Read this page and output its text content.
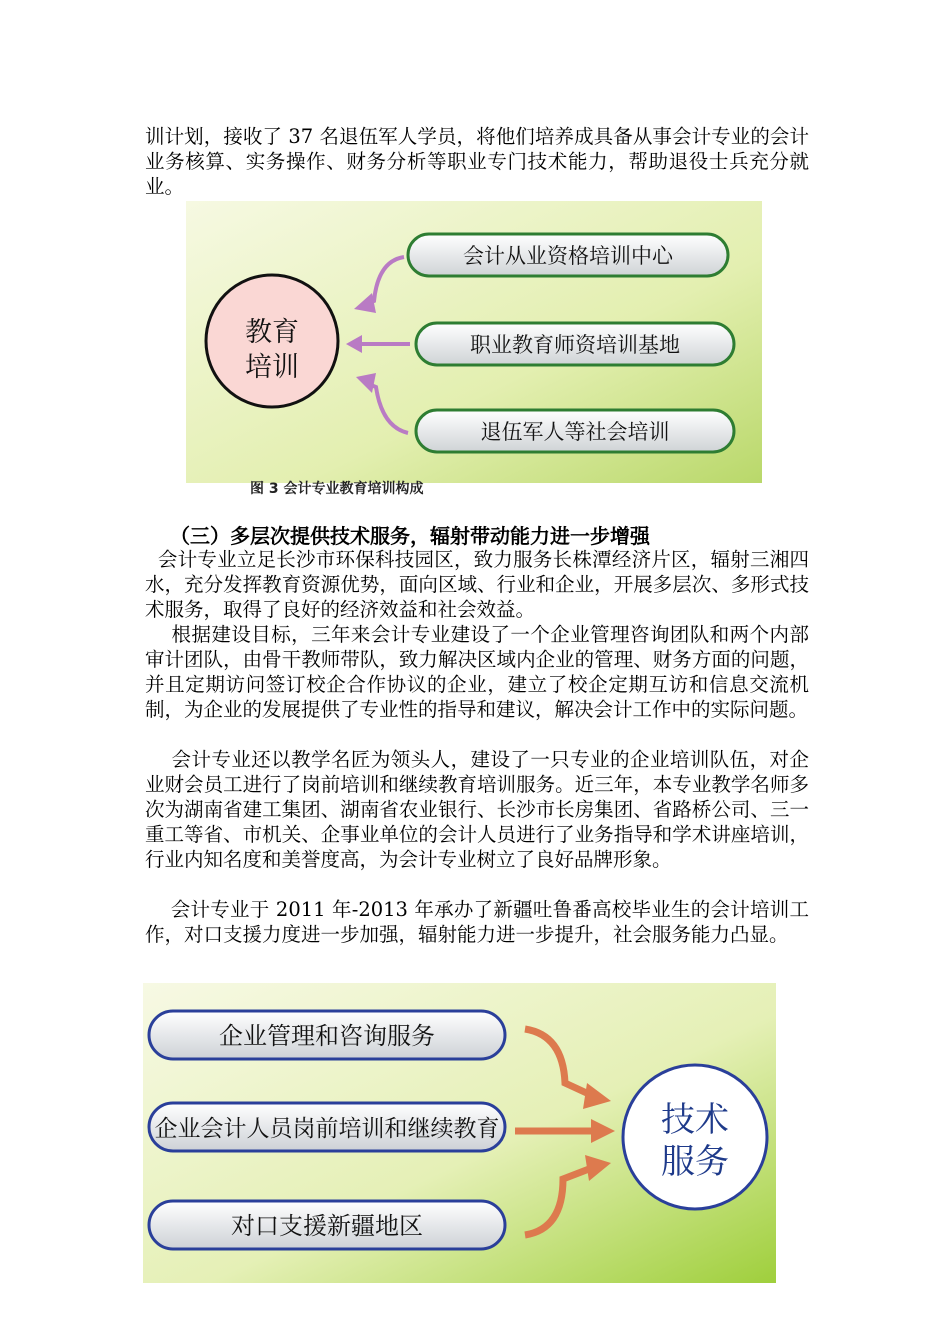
训计划，接收了 37 名退伍军人学员，将他们培养成具备从事会计专业的会计业务核算、实务操作、财务分析等职业专门技术能力，帮助退役士兵充分就业。
教育
培训
会计从业资格培训中心
职业教育师资培训基地
退伍军人等社会培训
图 3 会计专业教育培训构成
（三）多层次提供技术服务，辐射带动能力进一步增强
会计专业立足长沙市环保科技园区，致力服务长株潭经济片区，辐射三湘四水，充分发挥教育资源优势，面向区域、行业和企业，开展多层次、多形式技术服务，取得了良好的经济效益和社会效益。
根据建设目标，三年来会计专业建设了一个企业管理咨询团队和两个内部审计团队，由骨干教师带队，致力解决区域内企业的管理、财务方面的问题，并且定期访问签订校企合作协议的企业，建立了校企定期互访和信息交流机制，为企业的发展提供了专业性的指导和建议，解决会计工作中的实际问题。
会计专业还以教学名匠为领头人，建设了一只专业的企业培训队伍，对企业财会员工进行了岗前培训和继续教育培训服务。近三年，本专业教学名师多次为湖南省建工集团、湖南省农业银行、长沙市长房集团、省路桥公司、三一重工等省、市机关、企事业单位的会计人员进行了业务指导和学术讲座培训，行业内知名度和美誉度高，为会计专业树立了良好品牌形象。
会计专业于 2011 年-2013 年承办了新疆吐鲁番高校毕业生的会计培训工作，对口支援力度进一步加强，辐射能力进一步提升，社会服务能力凸显。
企业管理和咨询服务
企业会计人员岗前培训和继续教育
对口支援新疆地区
技术
服务
